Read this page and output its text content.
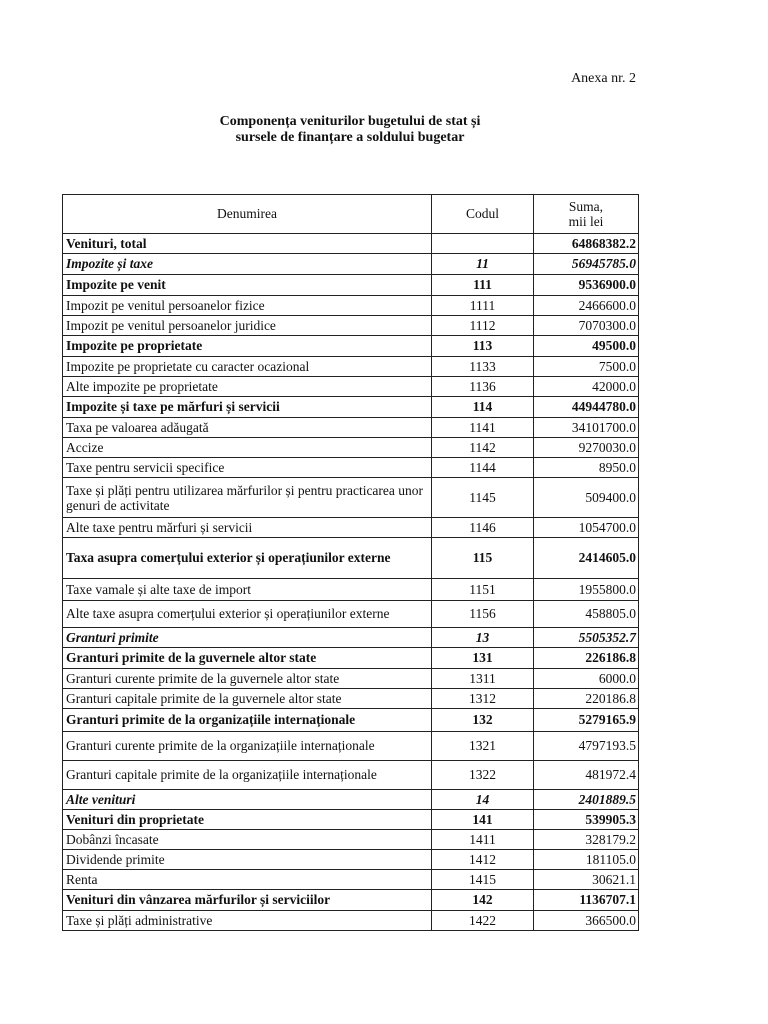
Anexa nr. 2
Componența veniturilor bugetului de stat și
sursele de finanțare a soldului bugetar
Denumirea	Codul	Suma,
mii lei

Venituri, total		64868382.2
Impozite și taxe	11	56945785.0
Impozite pe venit	111	9536900.0
Impozit pe venitul persoanelor fizice	1111	2466600.0
Impozit pe venitul persoanelor juridice	1112	7070300.0
Impozite pe proprietate	113	49500.0
Impozite pe proprietate cu caracter ocazional	1133	7500.0
Alte impozite pe proprietate	1136	42000.0
Impozite și taxe pe mărfuri și servicii	114	44944780.0
Taxa pe valoarea adăugată	1141	34101700.0
Accize	1142	9270030.0
Taxe pentru servicii specifice	1144	8950.0
Taxe și plăți pentru utilizarea mărfurilor și pentru practicarea unor genuri de activitate	1145	509400.0
Alte taxe pentru mărfuri și servicii	1146	1054700.0
Taxa asupra comerțului exterior și operațiunilor externe	115	2414605.0
Taxe vamale și alte taxe de import	1151	1955800.0
Alte taxe asupra comerțului exterior și operațiunilor externe	1156	458805.0
Granturi primite	13	5505352.7
Granturi primite de la guvernele altor state	131	226186.8
Granturi curente primite de la guvernele altor state	1311	6000.0
Granturi capitale primite de la guvernele altor state	1312	220186.8
Granturi primite de la organizațiile internaționale	132	5279165.9
Granturi curente primite de la organizațiile internaționale	1321	4797193.5
Granturi capitale primite de la organizațiile internaționale	1322	481972.4
Alte venituri	14	2401889.5
Venituri din proprietate	141	539905.3
Dobânzi încasate	1411	328179.2
Dividende primite	1412	181105.0
Renta	1415	30621.1
Venituri din vânzarea mărfurilor și serviciilor	142	1136707.1
Taxe și plăți administrative	1422	366500.0
